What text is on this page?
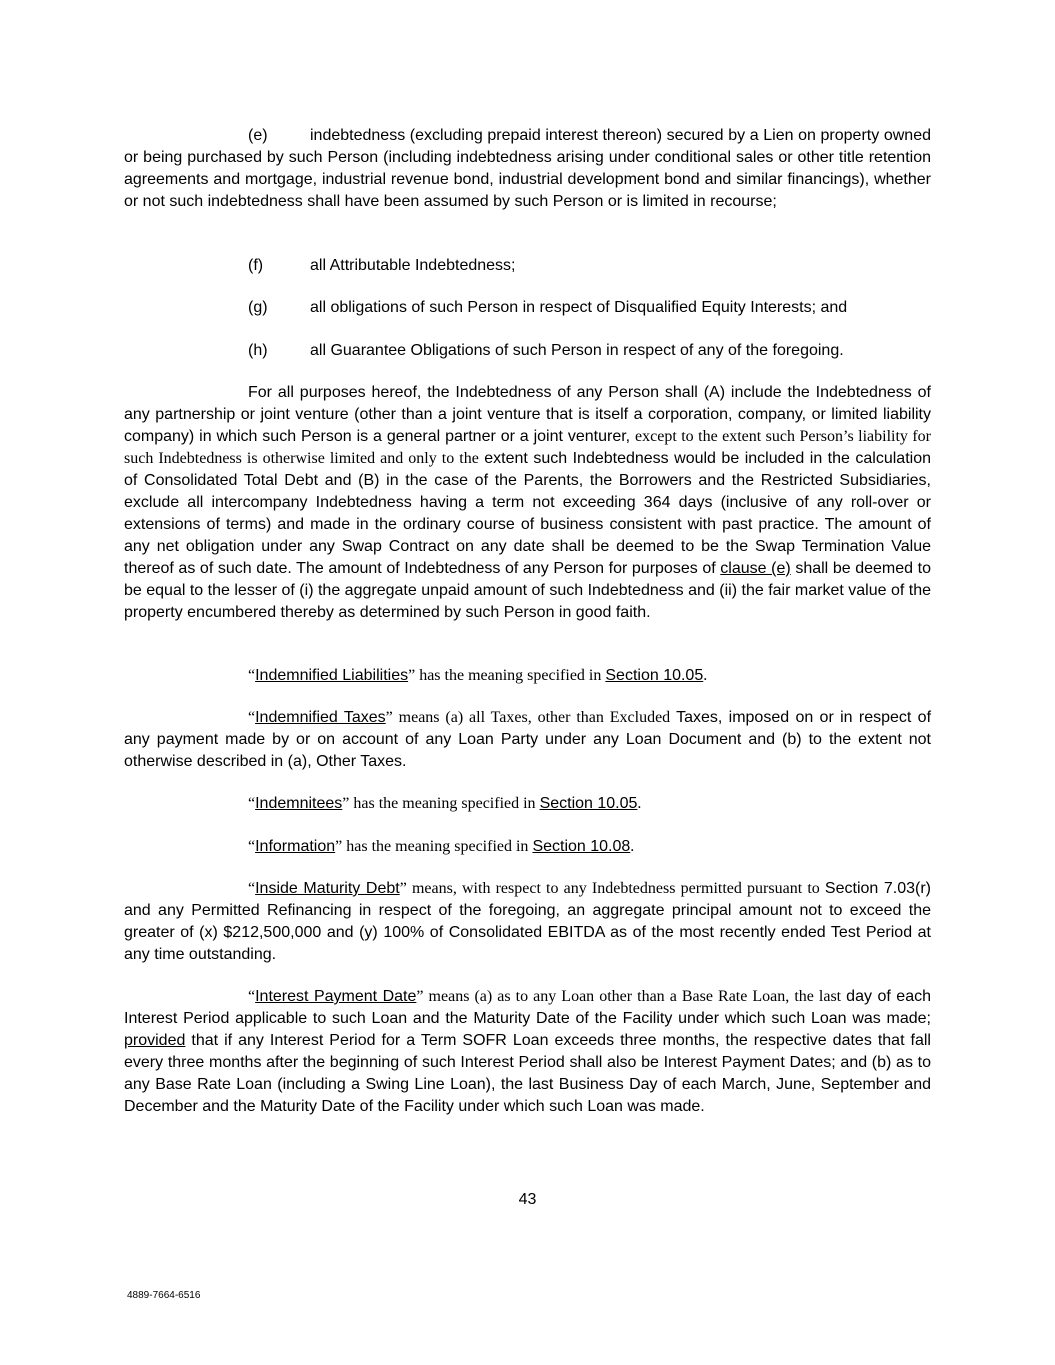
(e)	indebtedness (excluding prepaid interest thereon) secured by a Lien on property owned or being purchased by such Person (including indebtedness arising under conditional sales or other title retention agreements and mortgage, industrial revenue bond, industrial development bond and similar financings), whether or not such indebtedness shall have been assumed by such Person or is limited in recourse;

(f)	all Attributable Indebtedness;
(g)	all obligations of such Person in respect of Disqualified Equity Interests; and
(h)	all Guarantee Obligations of such Person in respect of any of the foregoing.

For all purposes hereof, the Indebtedness of any Person shall (A) include the Indebtedness of any partnership or joint venture (other than a joint venture that is itself a corporation, company, or limited liability company) in which such Person is a general partner or a joint venturer, except to the extent such Person’s liability for such Indebtedness is otherwise limited and only to the extent such Indebtedness would be included in the calculation of Consolidated Total Debt and (B) in the case of the Parents, the Borrowers and the Restricted Subsidiaries, exclude all intercompany Indebtedness having a term not exceeding 364 days (inclusive of any roll-over or extensions of terms) and made in the ordinary course of business consistent with past practice. The amount of any net obligation under any Swap Contract on any date shall be deemed to be the Swap Termination Value thereof as of such date. The amount of Indebtedness of any Person for purposes of clause (e) shall be deemed to be equal to the lesser of (i) the aggregate unpaid amount of such Indebtedness and (ii) the fair market value of the property encumbered thereby as determined by such Person in good faith.

“Indemnified Liabilities” has the meaning specified in Section 10.05.

“Indemnified Taxes” means (a) all Taxes, other than Excluded Taxes, imposed on or in respect of any payment made by or on account of any Loan Party under any Loan Document and (b) to the extent not otherwise described in (a), Other Taxes.

“Indemnitees” has the meaning specified in Section 10.05.

“Information” has the meaning specified in Section 10.08.

“Inside Maturity Debt” means, with respect to any Indebtedness permitted pursuant to Section 7.03(r) and any Permitted Refinancing in respect of the foregoing, an aggregate principal amount not to exceed the greater of (x) $212,500,000 and (y) 100% of Consolidated EBITDA as of the most recently ended Test Period at any time outstanding.

“Interest Payment Date” means (a) as to any Loan other than a Base Rate Loan, the last day of each Interest Period applicable to such Loan and the Maturity Date of the Facility under which such Loan was made; provided that if any Interest Period for a Term SOFR Loan exceeds three months, the respective dates that fall every three months after the beginning of such Interest Period shall also be Interest Payment Dates; and (b) as to any Base Rate Loan (including a Swing Line Loan), the last Business Day of each March, June, September and December and the Maturity Date of the Facility under which such Loan was made.

43
4889-7664-6516
